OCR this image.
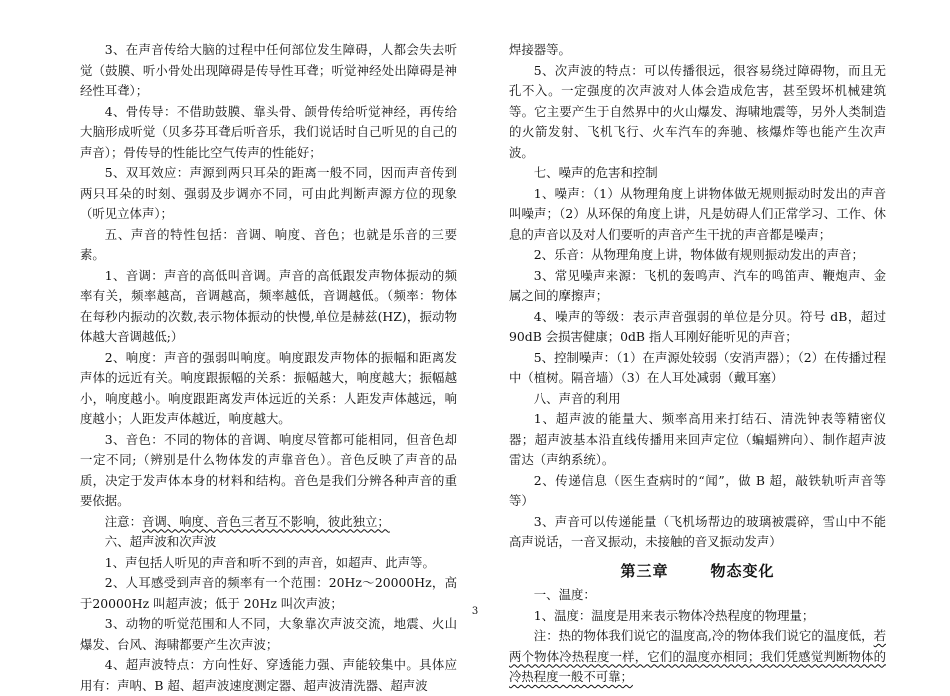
3、在声音传给大脑的过程中任何部位发生障碍，人都会失去听觉（鼓膜、听小骨处出现障碍是传导性耳聋；听觉神经处出障碍是神经性耳聋）；

4、骨传导：不借助鼓膜、靠头骨、颌骨传给听觉神经，再传给大脑形成听觉（贝多芬耳聋后听音乐，我们说话时自己听见的自己的声音）；骨传导的性能比空气传声的性能好；

5、双耳效应：声源到两只耳朵的距离一般不同，因而声音传到两只耳朵的时刻、强弱及步调亦不同，可由此判断声源方位的现象（听见立体声）；

五、声音的特性包括：音调、响度、音色；也就是乐音的三要素。

1、音调：声音的高低叫音调。声音的高低跟发声物体振动的频率有关，频率越高，音调越高，频率越低，音调越低。（频率：物体在每秒内振动的次数,表示物体振动的快慢,单位是赫兹(HZ)，振动物体越大音调越低;）

2、响度：声音的强弱叫响度。响度跟发声物体的振幅和距离发声体的远近有关。响度跟振幅的关系：振幅越大，响度越大；振幅越小，响度越小。响度跟距离发声体远近的关系：人距发声体越远，响度越小；人距发声体越近，响度越大。

3、音色：不同的物体的音调、响度尽管都可能相同，但音色却一定不同;（辨别是什么物体发的声靠音色）。音色反映了声音的品质，决定于发声体本身的材料和结构。音色是我们分辨各种声音的重要依据。

注意：音调、响度、音色三者互不影响，彼此独立；

六、超声波和次声波

1、声包括人听见的声音和听不到的声音，如超声、此声等。

2、人耳感受到声音的频率有一个范围：20Hz～20000Hz，高于20000Hz 叫超声波；低于 20Hz 叫次声波；

3、动物的听觉范围和人不同，大象靠次声波交流，地震、火山爆发、台风、海啸都要产生次声波；

4、超声波特点：方向性好、穿透能力强、声能较集中。具体应用有：声呐、B 超、超声波速度测定器、超声波清洗器、超声波

焊接器等。

5、次声波的特点：可以传播很远，很容易绕过障碍物，而且无孔不入。一定强度的次声波对人体会造成危害，甚至毁坏机械建筑等。它主要产生于自然界中的火山爆发、海啸地震等，另外人类制造的火箭发射、飞机飞行、火车汽车的奔驰、核爆炸等也能产生次声波。

七、噪声的危害和控制

1、噪声：（1）从物理角度上讲物体做无规则振动时发出的声音叫噪声；（2）从环保的角度上讲，凡是妨碍人们正常学习、工作、休息的声音以及对人们要听的声音产生干扰的声音都是噪声；

2、乐音：从物理角度上讲，物体做有规则振动发出的声音；

3、常见噪声来源：飞机的轰鸣声、汽车的鸣笛声、鞭炮声、金属之间的摩擦声；

4、噪声的等级：表示声音强弱的单位是分贝。符号 dB，超过 90dB 会损害健康；0dB 指人耳刚好能听见的声音；

5、控制噪声：（1）在声源处较弱（安消声器）；（2）在传播过程中（植树。隔音墙）（3）在人耳处减弱（戴耳塞）

八、声音的利用

1、超声波的能量大、频率高用来打结石、清洗钟表等精密仪器；超声波基本沿直线传播用来回声定位（蝙蝠辨向）、制作超声波雷达（声纳系统）。

2、传递信息（医生查病时的“闻”，做 B 超，敲铁轨听声音等等）

3、声音可以传递能量（飞机场帮边的玻璃被震碎，雪山中不能高声说话，一音叉振动，未接触的音叉振动发声）

第三章	物态变化

一、温度：

1、温度：温度是用来表示物体冷热程度的物理量；

注：热的物体我们说它的温度高,冷的物体我们说它的温度低，若两个物体冷热程度一样，它们的温度亦相同；我们凭感觉判断物体的冷热程度一般不可靠；

3
